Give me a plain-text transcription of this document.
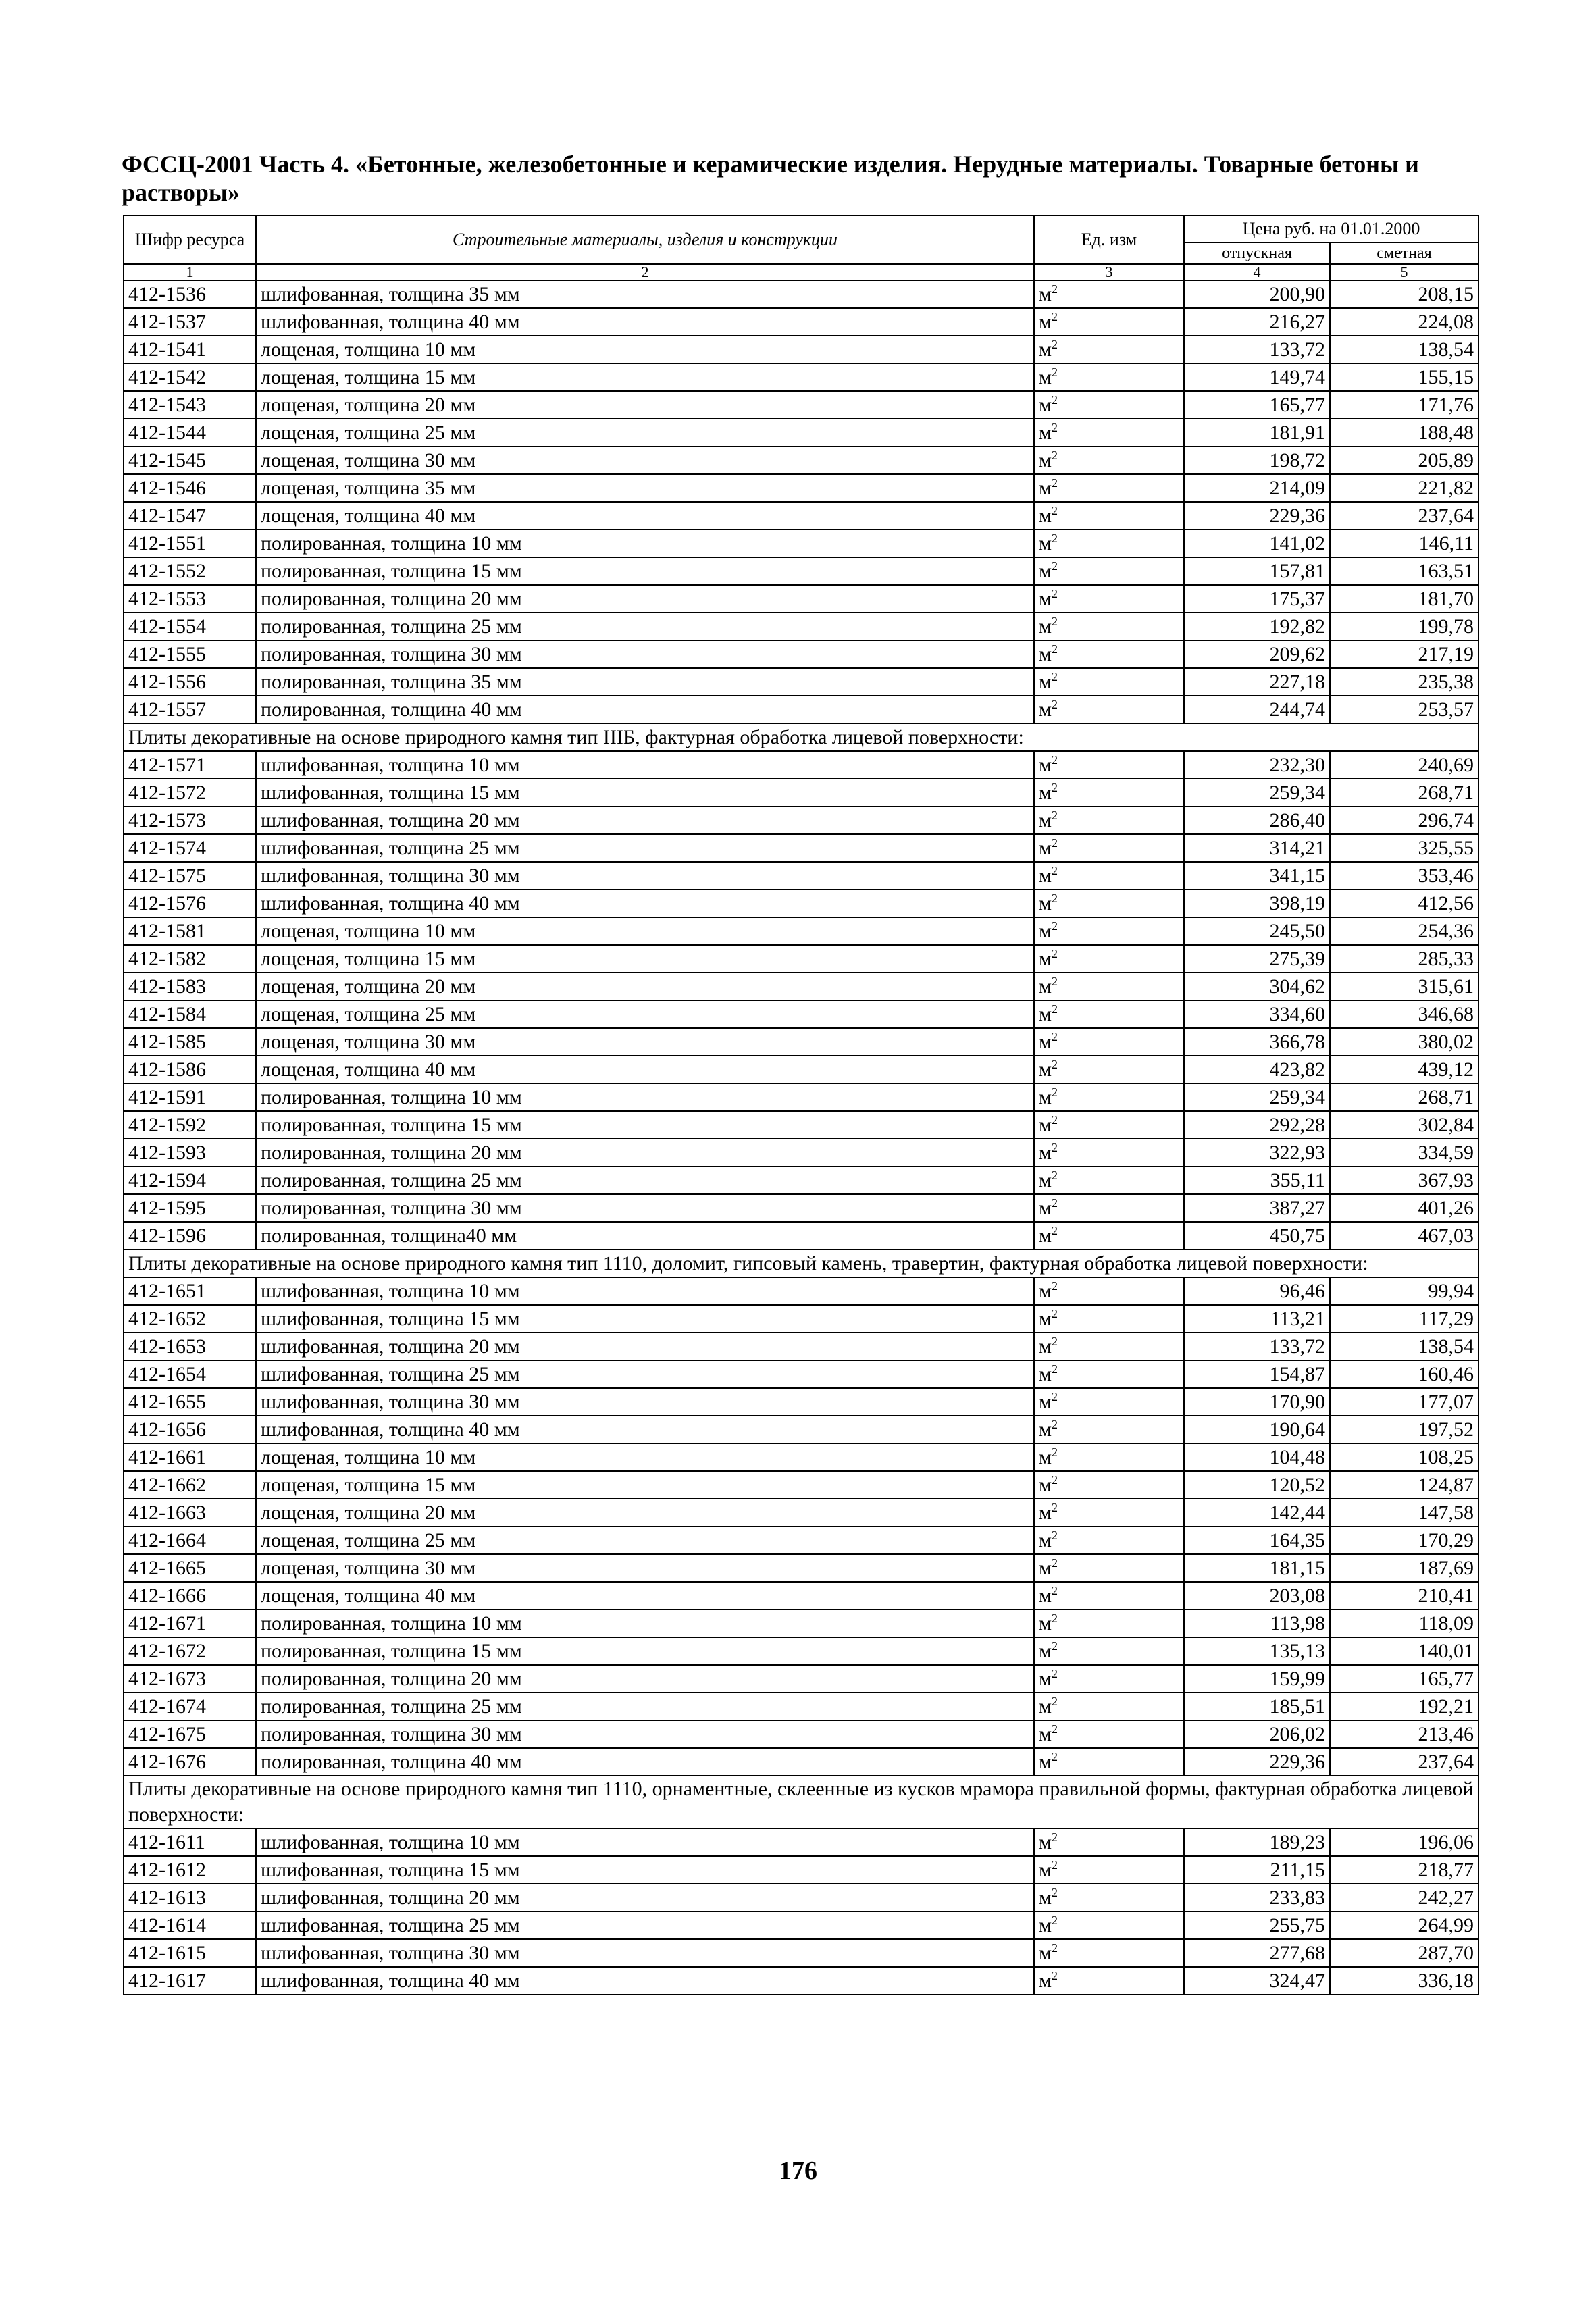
ФССЦ-2001 Часть 4. «Бетонные, железобетонные и керамические изделия. Нерудные материалы. Товарные бетоны и растворы»
Шифр ресурса	Строительные материалы, изделия и конструкции	Ед. изм	Цена руб. на 01.01.2000	
			отпускная	сметная
1	2	3	4	5
412-1536	шлифованная, толщина 35 мм	$м^2$	200,90	208,15
412-1537	шлифованная, толщина 40 мм	$м^2$	216,27	224,08
412-1541	лощеная, толщина 10 мм	$м^2$	133,72	138,54
412-1542	лощеная, толщина 15 мм	$м^2$	149,74	155,15
412-1543	лощеная, толщина 20 мм	$м^2$	165,77	171,76
412-1544	лощеная, толщина 25 мм	$м^2$	181,91	188,48
412-1545	лощеная, толщина 30 мм	$м^2$	198,72	205,89
412-1546	лощеная, толщина 35 мм	$м^2$	214,09	221,82
412-1547	лощеная, толщина 40 мм	$м^2$	229,36	237,64
412-1551	полированная, толщина 10 мм	$м^2$	141,02	146,11
412-1552	полированная, толщина 15 мм	$м^2$	157,81	163,51
412-1553	полированная, толщина 20 мм	$м^2$	175,37	181,70
412-1554	полированная, толщина 25 мм	$м^2$	192,82	199,78
412-1555	полированная, толщина 30 мм	$м^2$	209,62	217,19
412-1556	полированная, толщина 35 мм	$м^2$	227,18	235,38
412-1557	полированная, толщина 40 мм	$м^2$	244,74	253,57
Плиты декоративные на основе природного камня тип IIIБ, фактурная обработка лицевой поверхности:				
412-1571	шлифованная, толщина 10 мм	$м^2$	232,30	240,69
412-1572	шлифованная, толщина 15 мм	$м^2$	259,34	268,71
412-1573	шлифованная, толщина 20 мм	$м^2$	286,40	296,74
412-1574	шлифованная, толщина 25 мм	$м^2$	314,21	325,55
412-1575	шлифованная, толщина 30 мм	$м^2$	341,15	353,46
412-1576	шлифованная, толщина 40 мм	$м^2$	398,19	412,56
412-1581	лощеная, толщина 10 мм	$м^2$	245,50	254,36
412-1582	лощеная, толщина 15 мм	$м^2$	275,39	285,33
412-1583	лощеная, толщина 20 мм	$м^2$	304,62	315,61
412-1584	лощеная, толщина 25 мм	$м^2$	334,60	346,68
412-1585	лощеная, толщина 30 мм	$м^2$	366,78	380,02
412-1586	лощеная, толщина 40 мм	$м^2$	423,82	439,12
412-1591	полированная, толщина 10 мм	$м^2$	259,34	268,71
412-1592	полированная, толщина 15 мм	$м^2$	292,28	302,84
412-1593	полированная, толщина 20 мм	$м^2$	322,93	334,59
412-1594	полированная, толщина 25 мм	$м^2$	355,11	367,93
412-1595	полированная, толщина 30 мм	$м^2$	387,27	401,26
412-1596	полированная, толщина40 мм	$м^2$	450,75	467,03
Плиты декоративные на основе природного камня тип 1110, доломит, гипсовый камень, травертин, фактурная обработка лицевой поверхности:				
412-1651	шлифованная, толщина 10 мм	$м^2$	96,46	99,94
412-1652	шлифованная, толщина 15 мм	$м^2$	113,21	117,29
412-1653	шлифованная, толщина 20 мм	$м^2$	133,72	138,54
412-1654	шлифованная, толщина 25 мм	$м^2$	154,87	160,46
412-1655	шлифованная, толщина 30 мм	$м^2$	170,90	177,07
412-1656	шлифованная, толщина 40 мм	$м^2$	190,64	197,52
412-1661	лощеная, толщина 10 мм	$м^2$	104,48	108,25
412-1662	лощеная, толщина 15 мм	$м^2$	120,52	124,87
412-1663	лощеная, толщина 20 мм	$м^2$	142,44	147,58
412-1664	лощеная, толщина 25 мм	$м^2$	164,35	170,29
412-1665	лощеная, толщина 30 мм	$м^2$	181,15	187,69
412-1666	лощеная, толщина 40 мм	$м^2$	203,08	210,41
412-1671	полированная, толщина 10 мм	$м^2$	113,98	118,09
412-1672	полированная, толщина 15 мм	$м^2$	135,13	140,01
412-1673	полированная, толщина 20 мм	$м^2$	159,99	165,77
412-1674	полированная, толщина 25 мм	$м^2$	185,51	192,21
412-1675	полированная, толщина 30 мм	$м^2$	206,02	213,46
412-1676	полированная, толщина 40 мм	$м^2$	229,36	237,64
Плиты декоративные на основе природного камня тип 1110, орнаментные, склеенные из кусков мрамора правильной формы, фактурная обработка лицевой поверхности:				
412-1611	шлифованная, толщина 10 мм	$м^2$	189,23	196,06
412-1612	шлифованная, толщина 15 мм	$м^2$	211,15	218,77
412-1613	шлифованная, толщина 20 мм	$м^2$	233,83	242,27
412-1614	шлифованная, толщина 25 мм	$м^2$	255,75	264,99
412-1615	шлифованная, толщина 30 мм	$м^2$	277,68	287,70
412-1617	шлифованная, толщина 40 мм	$м^2$	324,47	336,18
176
